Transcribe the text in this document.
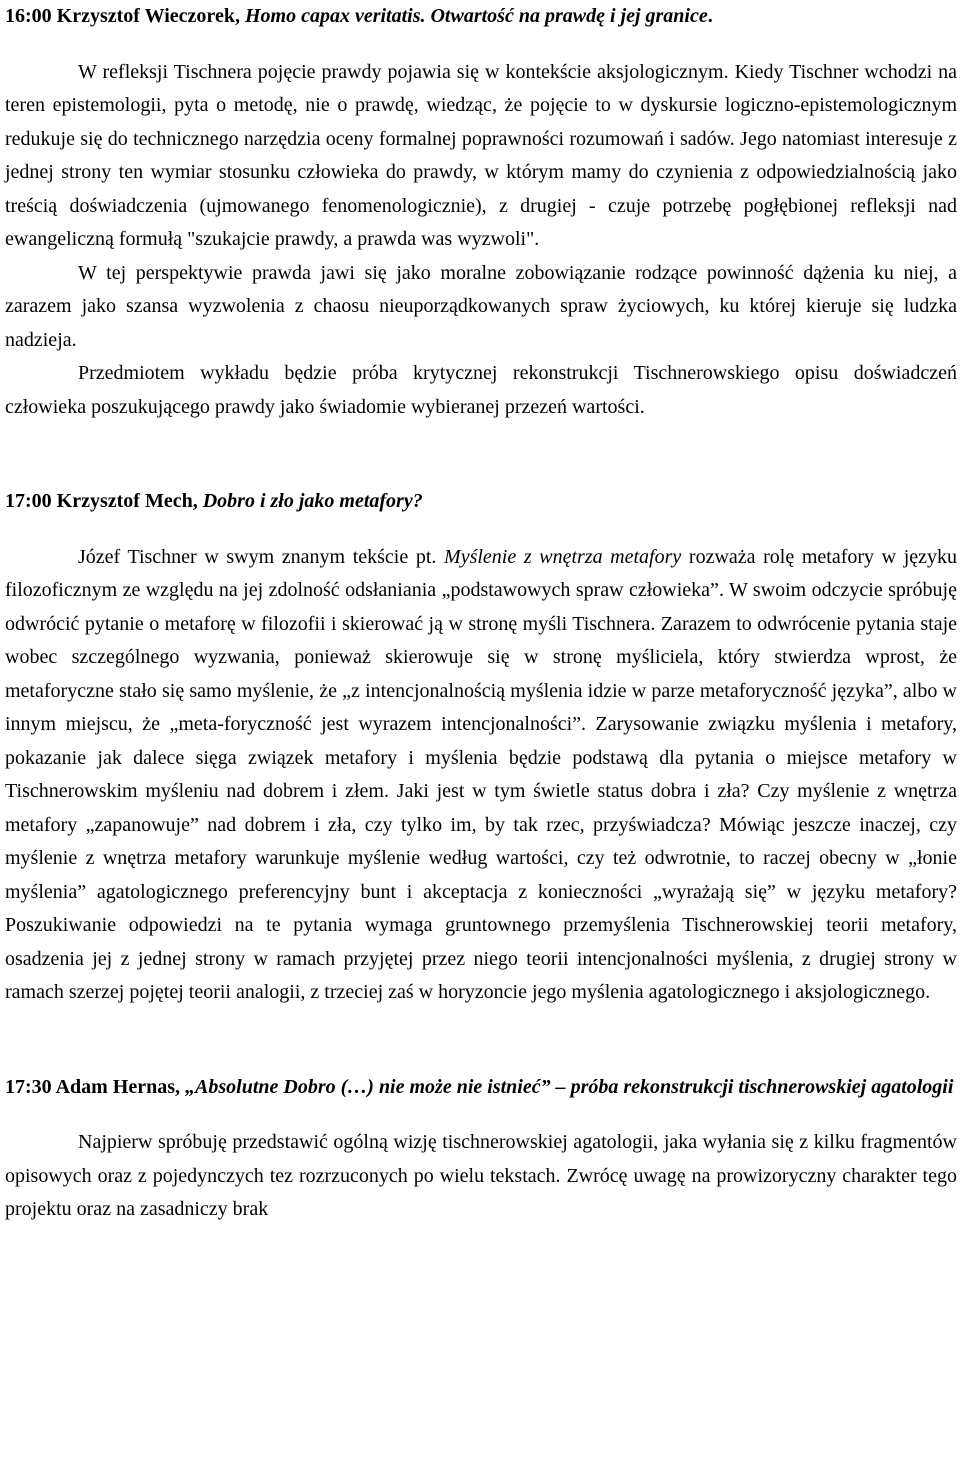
16:00 Krzysztof Wieczorek, Homo capax veritatis. Otwartość na prawdę i jej granice.

W refleksji Tischnera pojęcie prawdy pojawia się w kontekście aksjologicznym. Kiedy Tischner wchodzi na teren epistemologii, pyta o metodę, nie o prawdę, wiedząc, że pojęcie to w dyskursie logiczno-epistemologicznym redukuje się do technicznego narzędzia oceny formalnej poprawności rozumowań i sadów. Jego natomiast interesuje z jednej strony ten wymiar stosunku człowieka do prawdy, w którym mamy do czynienia z odpowiedzialnością jako treścią doświadczenia (ujmowanego fenomenologicznie), z drugiej - czuje potrzebę pogłębionej refleksji nad ewangeliczną formułą "szukajcie prawdy, a prawda was wyzwoli".

W tej perspektywie prawda jawi się jako moralne zobowiązanie rodzące powinność dążenia ku niej, a zarazem jako szansa wyzwolenia z chaosu nieuporządkowanych spraw życiowych, ku której kieruje się ludzka nadzieja.

Przedmiotem wykładu będzie próba krytycznej rekonstrukcji Tischnerowskiego opisu doświadczeń człowieka poszukującego prawdy jako świadomie wybieranej przezeń wartości.

17:00 Krzysztof Mech, Dobro i zło jako metafory?

Józef Tischner w swym znanym tekście pt. Myślenie z wnętrza metafory rozważa rolę metafory w języku filozoficznym ze względu na jej zdolność odsłaniania „podstawowych spraw człowieka”. W swoim odczycie spróbuję odwrócić pytanie o metaforę w filozofii i skierować ją w stronę myśli Tischnera. Zarazem to odwrócenie pytania staje wobec szczególnego wyzwania, ponieważ skierowuje się w stronę myśliciela, który stwierdza wprost, że metaforyczne stało się samo myślenie, że „z intencjonalnością myślenia idzie w parze metaforyczność języka”, albo w innym miejscu, że „meta-foryczność jest wyrazem intencjonalności”. Zarysowanie związku myślenia i metafory, pokazanie jak dalece sięga związek metafory i myślenia będzie podstawą dla pytania o miejsce metafory w Tischnerowskim myśleniu nad dobrem i złem. Jaki jest w tym świetle status dobra i zła? Czy myślenie z wnętrza metafory „zapanowuje” nad dobrem i zła, czy tylko im, by tak rzec, przyświadcza? Mówiąc jeszcze inaczej, czy myślenie z wnętrza metafory warunkuje myślenie według wartości, czy też odwrotnie, to raczej obecny w „łonie myślenia” agatologicznego preferencyjny bunt i akceptacja z konieczności „wyrażają się” w języku metafory? Poszukiwanie odpowiedzi na te pytania wymaga gruntownego przemyślenia Tischnerowskiej teorii metafory, osadzenia jej z jednej strony w ramach przyjętej przez niego teorii intencjonalności myślenia, z drugiej strony w ramach szerzej pojętej teorii analogii, z trzeciej zaś w horyzoncie jego myślenia agatologicznego i aksjologicznego.

17:30 Adam Hernas, „Absolutne Dobro (…) nie może nie istnieć” – próba rekonstrukcji tischnerowskiej agatologii

Najpierw spróbuję przedstawić ogólną wizję tischnerowskiej agatologii, jaka wyłania się z kilku fragmentów opisowych oraz z pojedynczych tez rozrzuconych po wielu tekstach. Zwrócę uwagę na prowizoryczny charakter tego projektu oraz na zasadniczy brak
